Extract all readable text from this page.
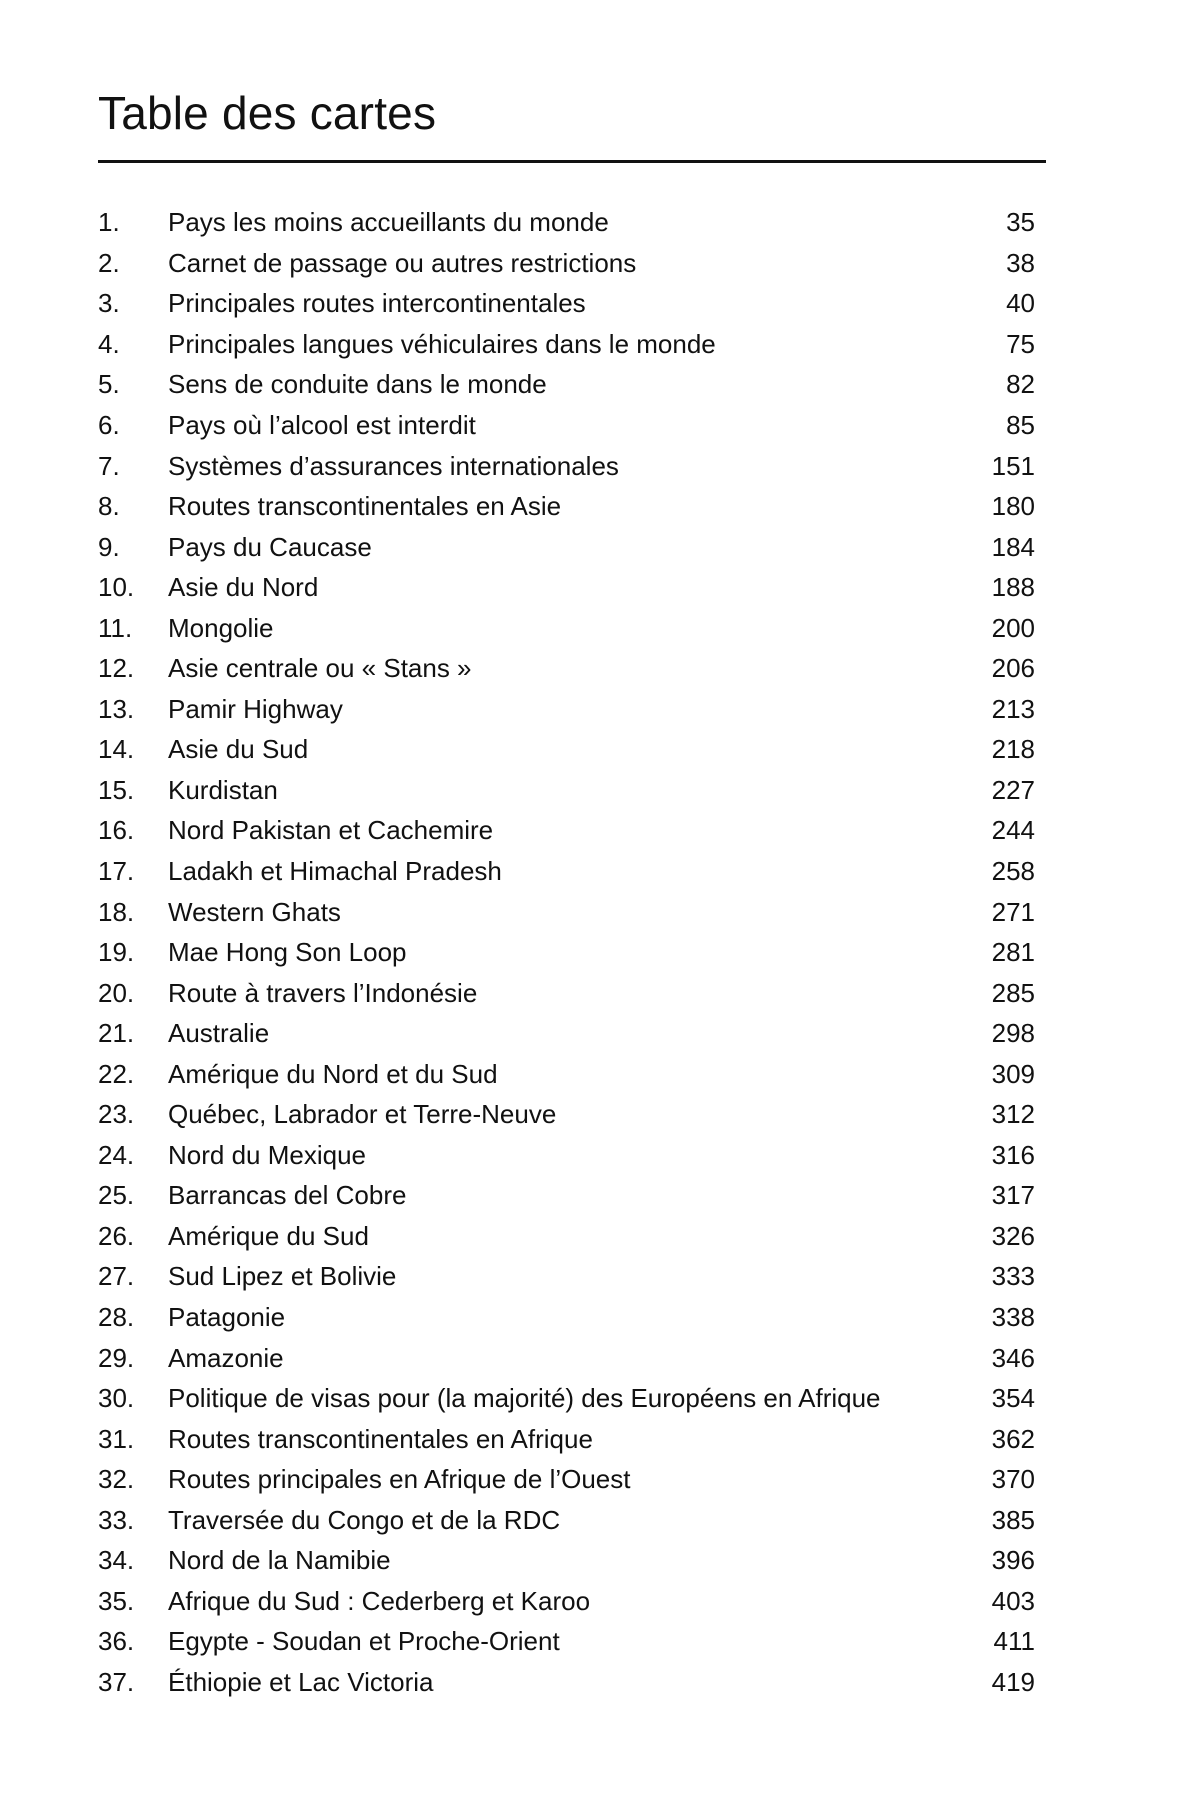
Table des cartes
1.	Pays les moins accueillants du monde	35
2.	Carnet de passage ou autres restrictions	38
3.	Principales routes intercontinentales	40
4.	Principales langues véhiculaires dans le monde	75
5.	Sens de conduite dans le monde	82
6.	Pays où l’alcool est interdit	85
7.	Systèmes d’assurances internationales	151
8.	Routes transcontinentales en Asie	180
9.	Pays du Caucase	184
10.	Asie du Nord	188
11.	Mongolie	200
12.	Asie centrale ou « Stans »	206
13.	Pamir Highway	213
14.	Asie du Sud	218
15.	Kurdistan	227
16.	Nord Pakistan et Cachemire	244
17.	Ladakh et Himachal Pradesh	258
18.	Western Ghats	271
19.	Mae Hong Son Loop	281
20.	Route à travers l’Indonésie	285
21.	Australie	298
22.	Amérique du Nord et du Sud	309
23.	Québec, Labrador et Terre-Neuve	312
24.	Nord du Mexique	316
25.	Barrancas del Cobre	317
26.	Amérique du Sud	326
27.	Sud Lipez et Bolivie	333
28.	Patagonie	338
29.	Amazonie	346
30.	Politique de visas pour (la majorité) des Européens en Afrique	354
31.	Routes transcontinentales en Afrique	362
32.	Routes principales en Afrique de l’Ouest	370
33.	Traversée du Congo et de la RDC	385
34.	Nord de la Namibie	396
35.	Afrique du Sud : Cederberg et Karoo	403
36.	Egypte - Soudan et Proche-Orient	411
37.	Éthiopie et Lac Victoria	419
